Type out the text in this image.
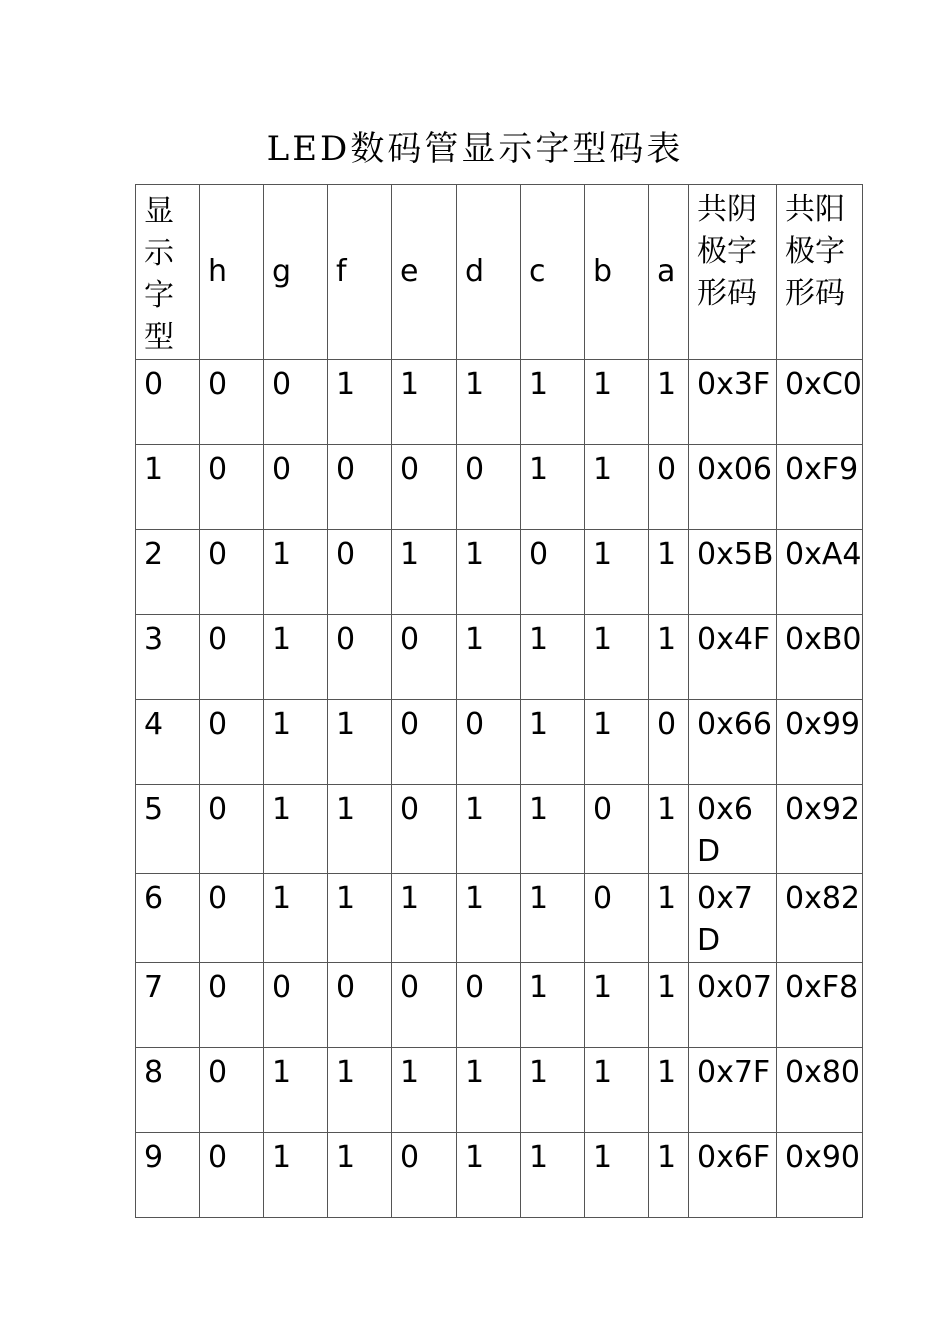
LED数码管显示字型码表
显示字型	h	g	f	e	d	c	b	a	共阴极字形码	共阳极字形码
0	0	0	1	1	1	1	1	1	0x3F	0xC0
1	0	0	0	0	0	1	1	0	0x06	0xF9
2	0	1	0	1	1	0	1	1	0x5B	0xA4
3	0	1	0	0	1	1	1	1	0x4F	0xB0
4	0	1	1	0	0	1	1	0	0x66	0x99
5	0	1	1	0	1	1	0	1	0x6D	0x92
6	0	1	1	1	1	1	0	1	0x7D	0x82
7	0	0	0	0	0	1	1	1	0x07	0xF8
8	0	1	1	1	1	1	1	1	0x7F	0x80
9	0	1	1	0	1	1	1	1	0x6F	0x90
